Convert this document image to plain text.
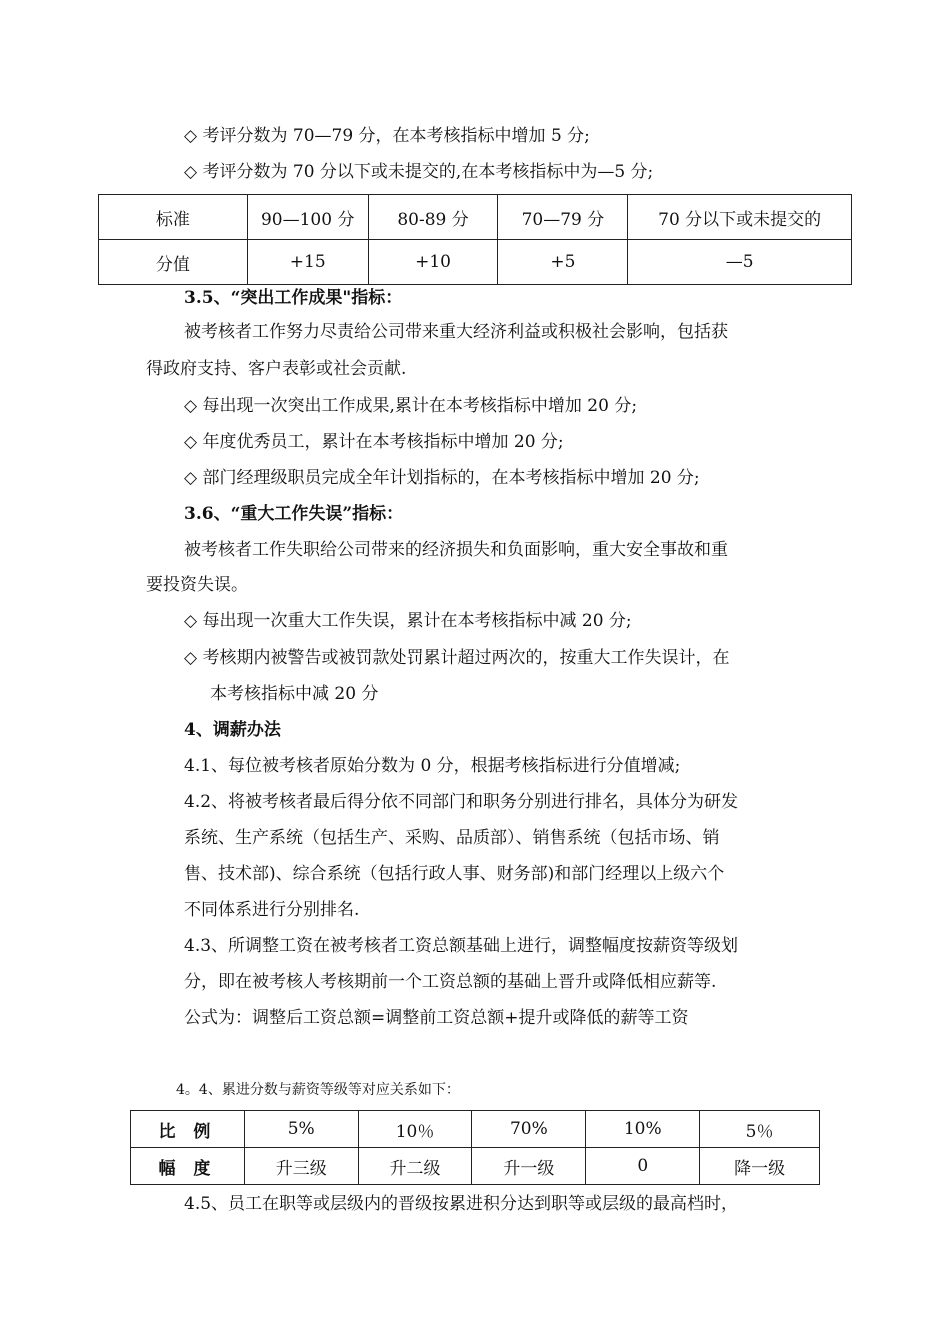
◇ 考评分数为 70—79 分，在本考核指标中增加 5 分;
◇ 考评分数为 70 分以下或未提交的,在本考核指标中为—5 分;
标准	90—100 分	80-89 分	70—79 分	70 分以下或未提交的
分值	+15	+10	+5	—5
3.5、“突出工作成果"指标：
被考核者工作努力尽责给公司带来重大经济利益或积极社会影响，包括获
得政府支持、客户表彰或社会贡献.
◇ 每出现一次突出工作成果,累计在本考核指标中增加 20 分;
◇ 年度优秀员工，累计在本考核指标中增加 20 分;
◇ 部门经理级职员完成全年计划指标的，在本考核指标中增加 20 分;
3.6、“重大工作失误”指标：
被考核者工作失职给公司带来的经济损失和负面影响，重大安全事故和重
要投资失误。
◇ 每出现一次重大工作失误，累计在本考核指标中减 20 分;
◇ 考核期内被警告或被罚款处罚累计超过两次的，按重大工作失误计，在
本考核指标中减 20 分
4、调薪办法
4.1、每位被考核者原始分数为 0 分，根据考核指标进行分值增减;
4.2、将被考核者最后得分依不同部门和职务分别进行排名，具体分为研发
系统、生产系统（包括生产、采购、品质部）、销售系统（包括市场、销
售、技术部)、综合系统（包括行政人事、财务部)和部门经理以上级六个
不同体系进行分别排名.
4.3、所调整工资在被考核者工资总额基础上进行，调整幅度按薪资等级划
分，即在被考核人考核期前一个工资总额的基础上晋升或降低相应薪等.
公式为：调整后工资总额=调整前工资总额+提升或降低的薪等工资
4。4、累进分数与薪资等级等对应关系如下：
比 例	5%	10％	70%	10%	5％
幅 度	升三级	升二级	升一级	0	降一级
4.5、员工在职等或层级内的晋级按累进积分达到职等或层级的最高档时，
